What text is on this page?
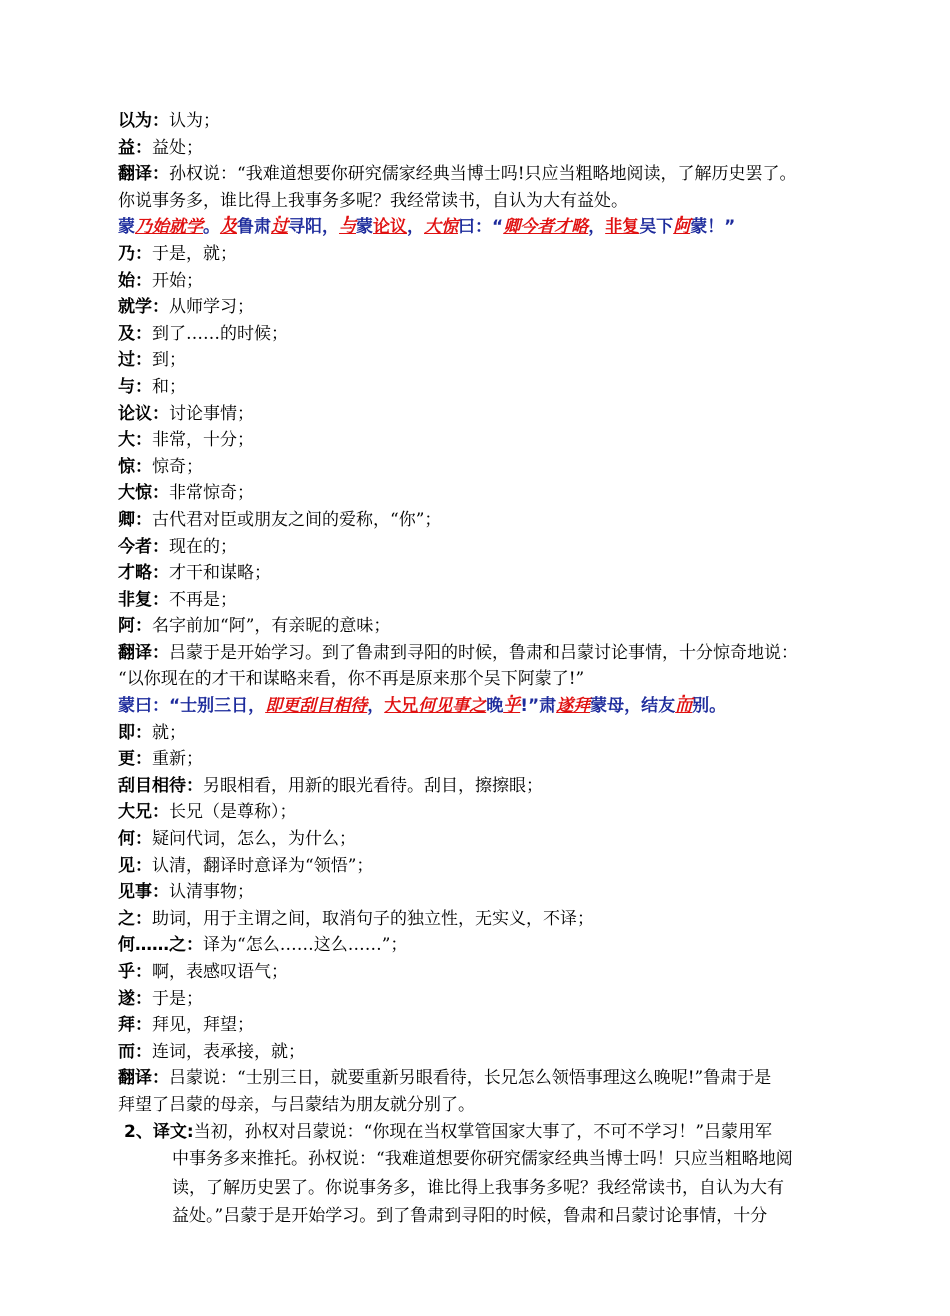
以为：认为；
益：益处；
翻译：孙权说：“我难道想要你研究儒家经典当博士吗!只应当粗略地阅读，了解历史罢了。
你说事务多，谁比得上我事务多呢？我经常读书，自认为大有益处。
蒙乃始就学。及鲁肃过寻阳，与蒙论议，大惊曰：“卿今者才略，非复吴下阿蒙！”
乃：于是，就；
始：开始；
就学：从师学习；
及：到了……的时候；
过：到；
与：和；
论议：讨论事情；
大：非常，十分；
惊：惊奇；
大惊：非常惊奇；
卿：古代君对臣或朋友之间的爱称，“你”；
今者：现在的；
才略：才干和谋略；
非复：不再是；
阿：名字前加“阿”，有亲昵的意味；
翻译：吕蒙于是开始学习。到了鲁肃到寻阳的时候，鲁肃和吕蒙讨论事情，十分惊奇地说：
“以你现在的才干和谋略来看，你不再是原来那个吴下阿蒙了!”
蒙曰：“士别三日，即更刮目相待，大兄何见事之晚乎!”肃遂拜蒙母，结友而别。
即：就；
更：重新；
刮目相待：另眼相看，用新的眼光看待。刮目，擦擦眼；
大兄：长兄（是尊称）；
何：疑问代词，怎么，为什么；
见：认清，翻译时意译为“领悟”；
见事：认清事物；
之：助词，用于主谓之间，取消句子的独立性，无实义，不译；
何……之：译为“怎么……这么……”；
乎：啊，表感叹语气；
遂：于是；
拜：拜见，拜望；
而：连词，表承接，就；
翻译：吕蒙说：“士别三日，就要重新另眼看待，长兄怎么领悟事理这么晚呢!”鲁肃于是
拜望了吕蒙的母亲，与吕蒙结为朋友就分别了。
2、译文:当初，孙权对吕蒙说：“你现在当权掌管国家大事了，不可不学习！”吕蒙用军
中事务多来推托。孙权说：“我难道想要你研究儒家经典当博士吗！只应当粗略地阅
读，了解历史罢了。你说事务多，谁比得上我事务多呢？我经常读书，自认为大有
益处。”吕蒙于是开始学习。到了鲁肃到寻阳的时候，鲁肃和吕蒙讨论事情，十分
